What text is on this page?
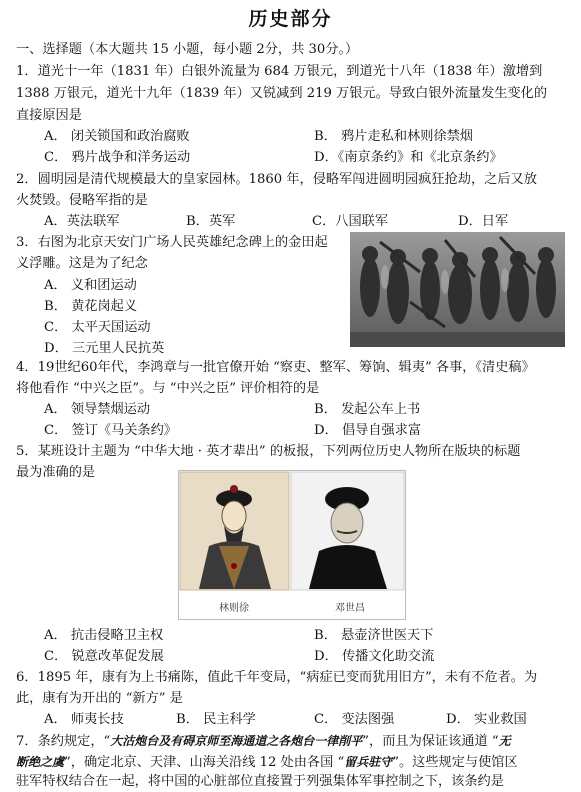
历史部分
一、选择题（本大题共 15 小题，每小题 2分，共 30分。）
1．道光十一年（1831 年）白银外流量为 684 万银元，到道光十八年（1838 年）激增到
1388 万银元，道光十九年（1839 年）又锐减到 219 万银元。导致白银外流量发生变化的
直接原因是
A． 闭关锁国和政治腐败	B． 鸦片走私和林则徐禁烟
C． 鸦片战争和洋务运动	D．《南京条约》和《北京条约》
2．圆明园是清代规模最大的皇家园林。1860 年，侵略军闯进圆明园疯狂抢劫，之后又放
火焚毁。侵略军指的是
A．英法联军	B．英军	C．八国联军	D．日军
3．右图为北京天安门广场人民英雄纪念碑上的金田起
义浮雕。这是为了纪念
A． 义和团运动
B． 黄花岗起义
C． 太平天国运动
D． 三元里人民抗英
4．19世纪60年代，李鸿章与一批官僚开始 “察吏、整军、筹饷、辑夷” 各事，《清史稿》
将他看作 “中兴之臣”。与 “中兴之臣” 评价相符的是
A． 领导禁烟运动	B． 发起公车上书
C． 签订《马关条约》	D． 倡导自强求富
5．某班设计主题为 “中华大地 · 英才辈出” 的板报，下列两位历史人物所在版块的标题
最为准确的是
林则徐	邓世昌
A． 抗击侵略卫主权	B． 悬壶济世医天下
C． 锐意改革促发展	D． 传播文化助交流
6．1895 年，康有为上书痛陈，值此千年变局，“病症已变而犹用旧方”，未有不危者。为
此，康有为开出的 “新方” 是
A． 师夷长技	B． 民主科学	C． 变法图强	D． 实业救国
7．条约规定，“大沽炮台及有碍京师至海通道之各炮台一律削平”，而且为保证该通道 “无
断绝之虞”，确定北京、天津、山海关沿线 12 处由各国 “留兵驻守”。这些规定与使馆区
驻军特权结合在一起，将中国的心脏部位直接置于列强集体军事控制之下，该条约是
